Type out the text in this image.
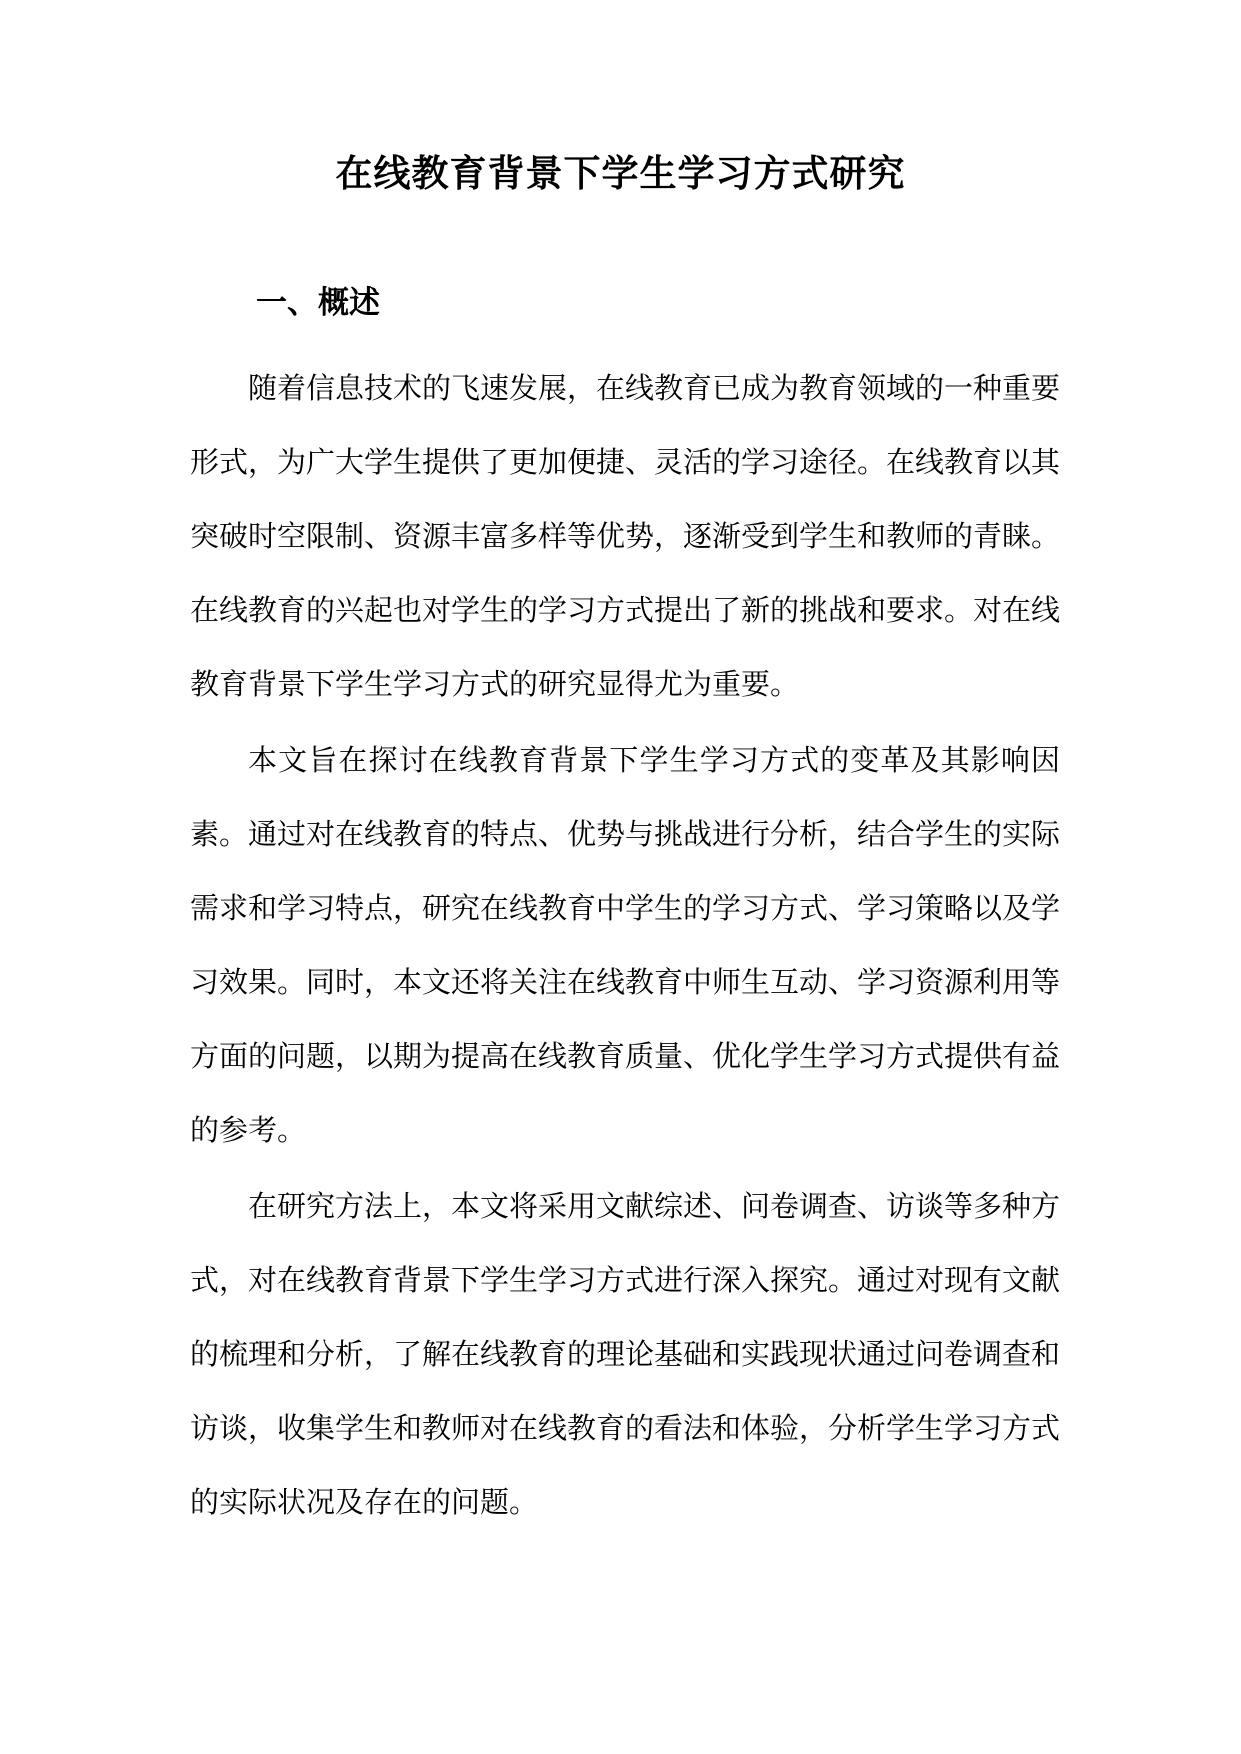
在线教育背景下学生学习方式研究
一、概述
随着信息技术的飞速发展，在线教育已成为教育领域的一种重要
形式，为广大学生提供了更加便捷、灵活的学习途径。在线教育以其
突破时空限制、资源丰富多样等优势，逐渐受到学生和教师的青睐。
在线教育的兴起也对学生的学习方式提出了新的挑战和要求。对在线
教育背景下学生学习方式的研究显得尤为重要。
本文旨在探讨在线教育背景下学生学习方式的变革及其影响因
素。通过对在线教育的特点、优势与挑战进行分析，结合学生的实际
需求和学习特点，研究在线教育中学生的学习方式、学习策略以及学
习效果。同时，本文还将关注在线教育中师生互动、学习资源利用等
方面的问题，以期为提高在线教育质量、优化学生学习方式提供有益
的参考。
在研究方法上，本文将采用文献综述、问卷调查、访谈等多种方
式，对在线教育背景下学生学习方式进行深入探究。通过对现有文献
的梳理和分析，了解在线教育的理论基础和实践现状通过问卷调查和
访谈，收集学生和教师对在线教育的看法和体验，分析学生学习方式
的实际状况及存在的问题。
